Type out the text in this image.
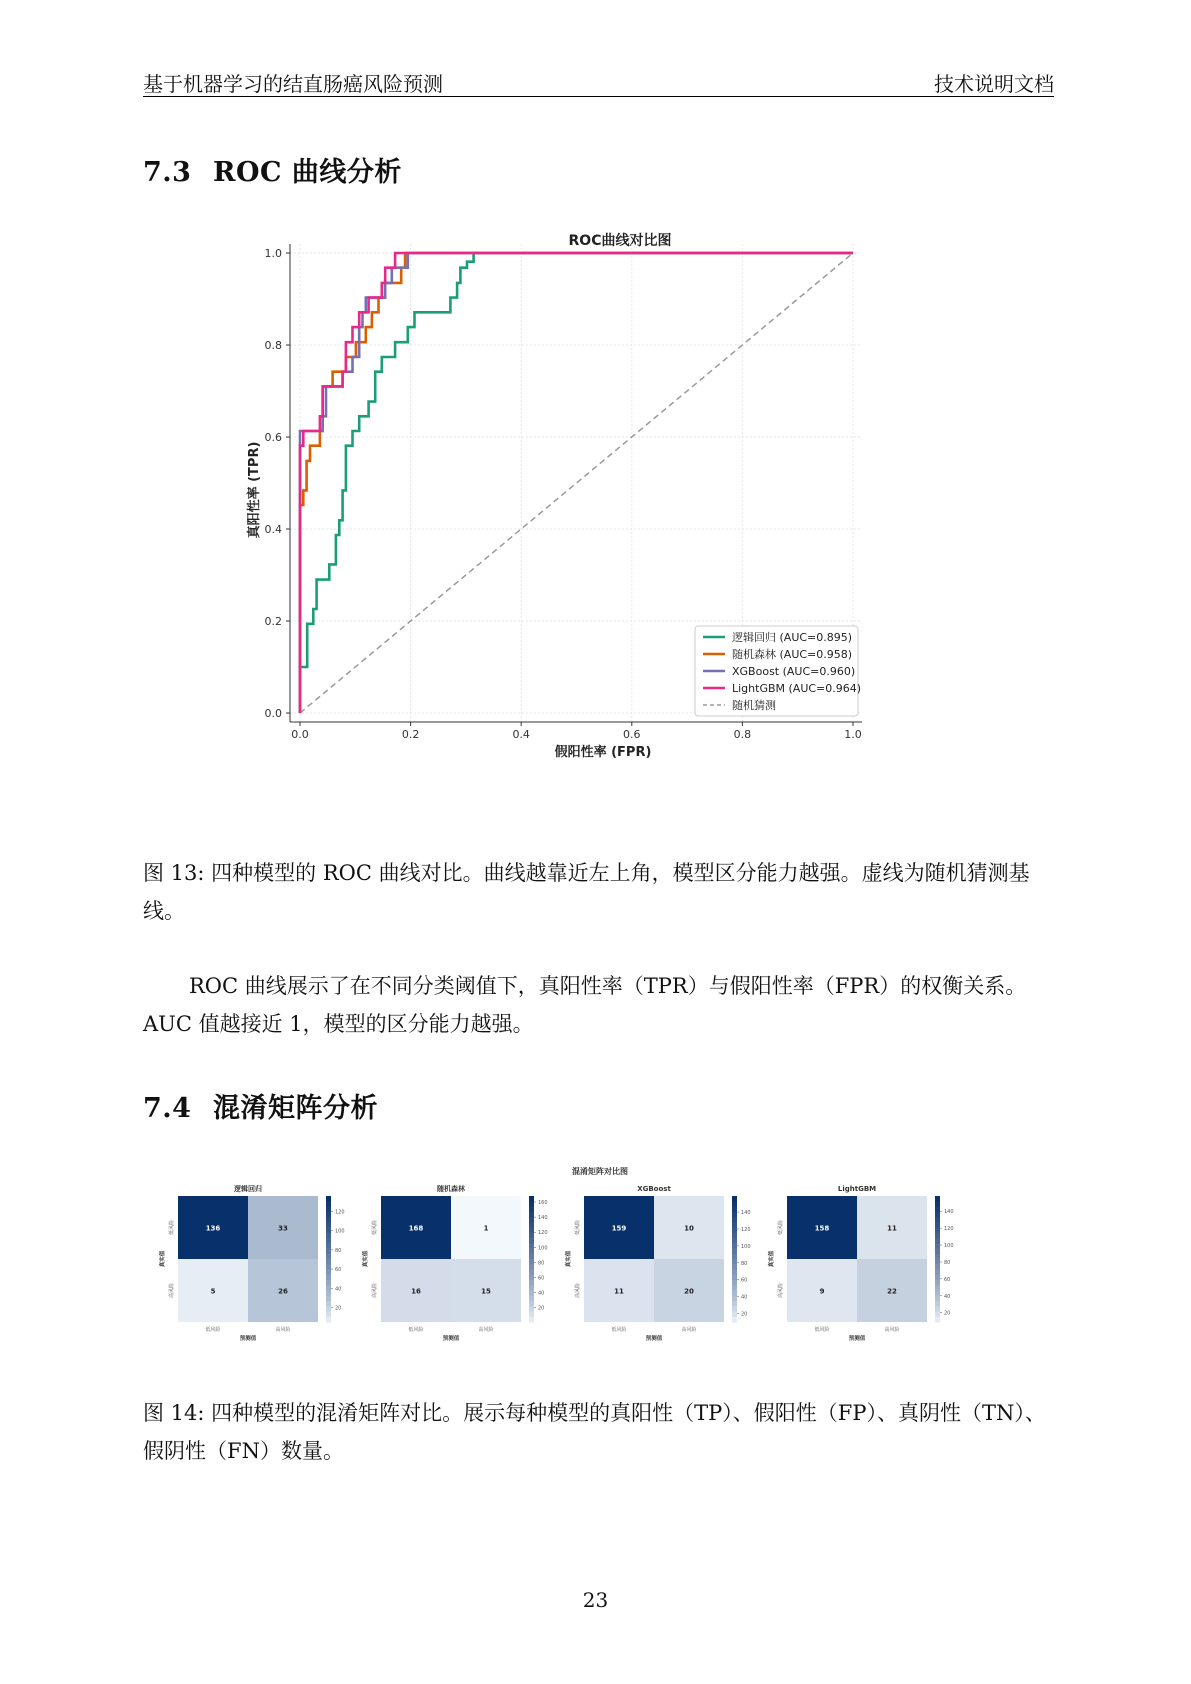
基于机器学习的结直肠癌风险预测	技术说明文档
7.3 ROC 曲线分析
ROC曲线对比图
真阳性率 (TPR)
假阳性率 (FPR)
0.0	0.2	0.4	0.6	0.8	1.0
0.0
0.2
0.4
0.6
0.8
1.0
逻辑回归 (AUC=0.895)
随机森林 (AUC=0.958)
XGBoost (AUC=0.960)
LightGBM (AUC=0.964)
随机猜测
图 13: 四种模型的 ROC 曲线对比。曲线越靠近左上角，模型区分能力越强。虚线为随机猜测基线。
ROC 曲线展示了在不同分类阈值下，真阳性率（TPR）与假阳性率（FPR）的权衡关系。AUC 值越接近 1，模型的区分能力越强。
7.4 混淆矩阵分析
混淆矩阵对比图
逻辑回归
136	33
5	26
低风险	高风险
低风险
高风险
预测值
真实值
20
40
60
80
100
120
随机森林
168	1
16	15
低风险	高风险
低风险
高风险
预测值
真实值
20
40
60
80
100
120
140
160
XGBoost
159	10
11	20
低风险	高风险
低风险
高风险
预测值
真实值
20
40
60
80
100
120
140
LightGBM
158	11
9	22
低风险	高风险
低风险
高风险
预测值
真实值
20
40
60
80
100
120
140
图 14: 四种模型的混淆矩阵对比。展示每种模型的真阳性（TP）、假阳性（FP）、真阴性（TN）、假阴性（FN）数量。
23
